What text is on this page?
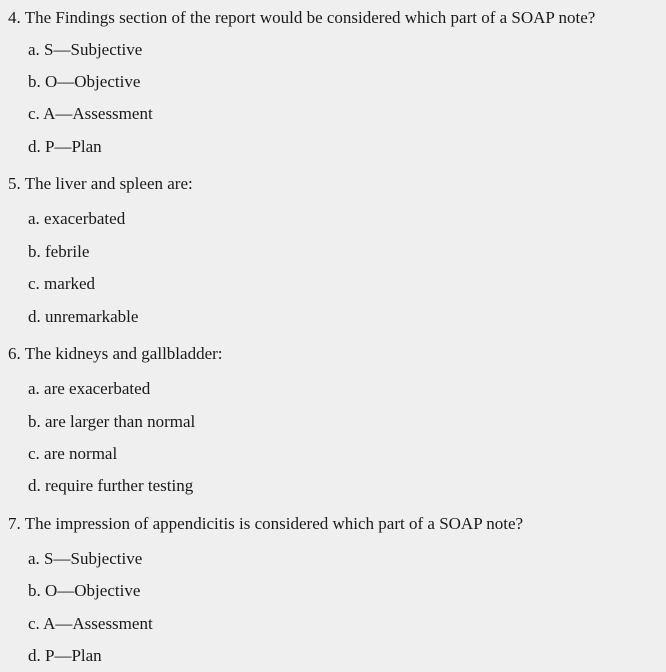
4. The Findings section of the report would be considered which part of a SOAP note?
a. S—Subjective
b. O—Objective
c. A—Assessment
d. P—Plan
5. The liver and spleen are:
a. exacerbated
b. febrile
c. marked
d. unremarkable
6. The kidneys and gallbladder:
a. are exacerbated
b. are larger than normal
c. are normal
d. require further testing
7. The impression of appendicitis is considered which part of a SOAP note?
a. S—Subjective
b. O—Objective
c. A—Assessment
d. P—Plan
